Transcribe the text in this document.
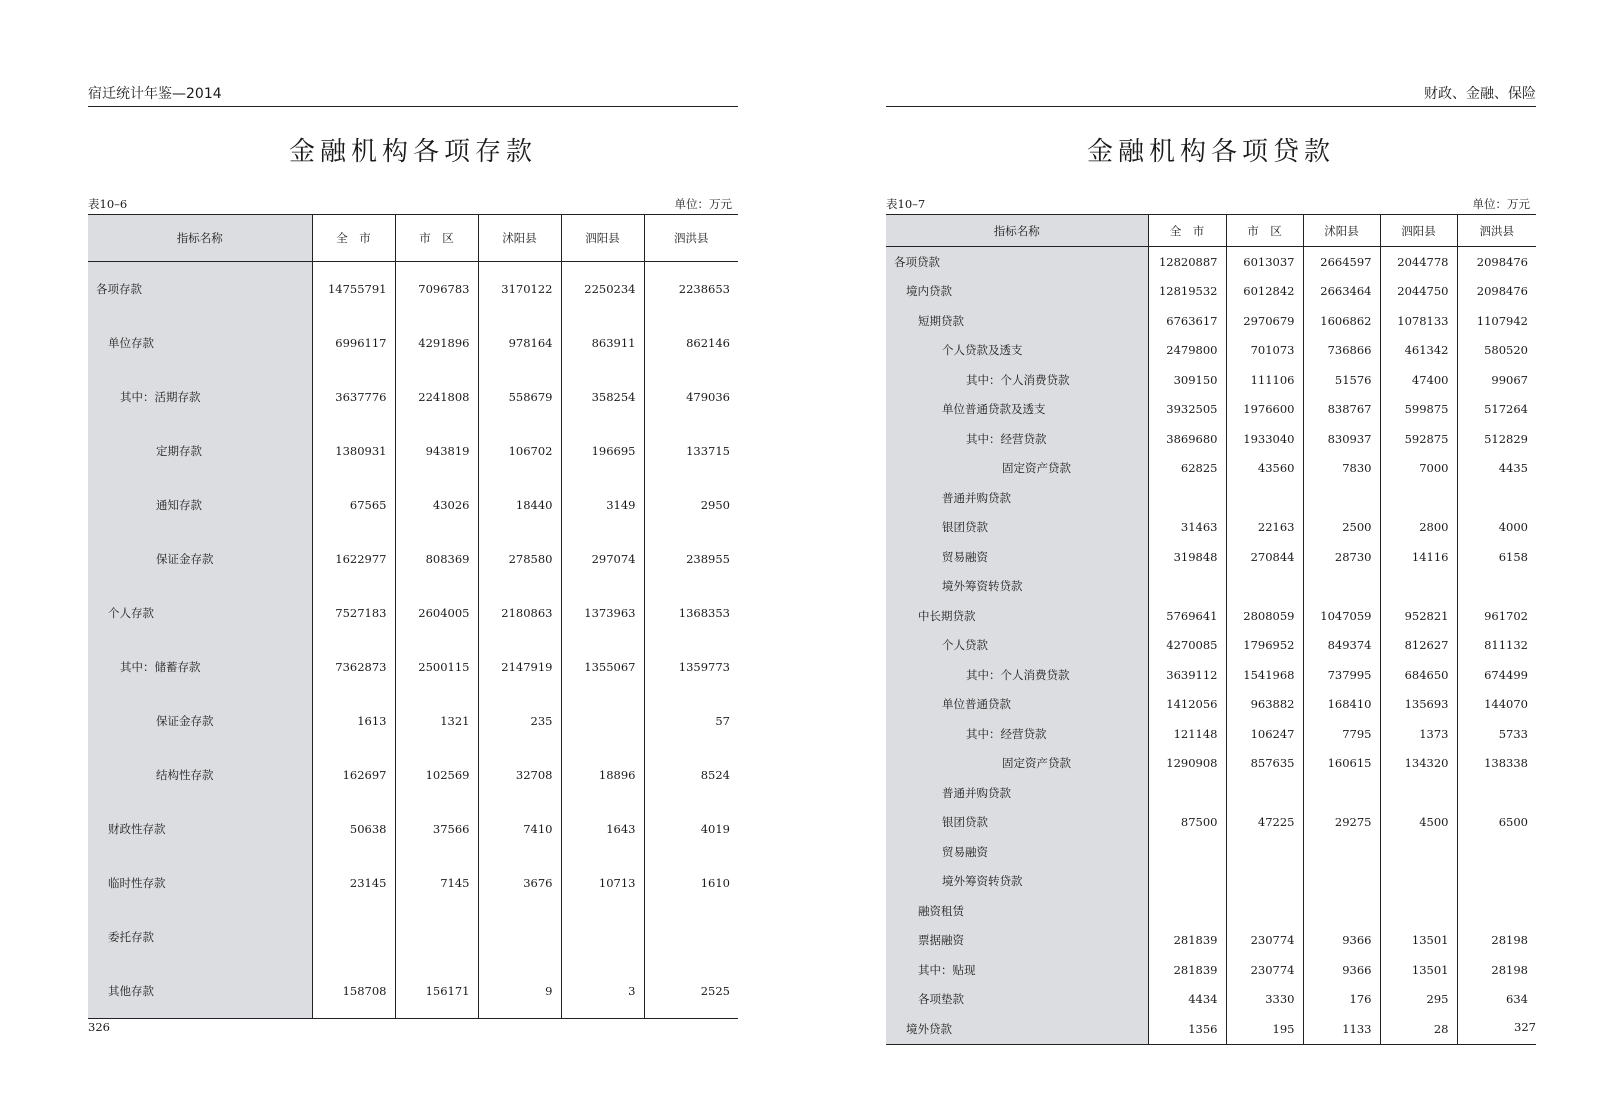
宿迁统计年鉴—2014
金融机构各项存款
表10–6	单位：万元
指标名称	全　市	市　区	沭阳县	泗阳县	泗洪县
各项存款	14755791	7096783	3170122	2250234	2238653
单位存款	6996117	4291896	978164	863911	862146
其中：活期存款	3637776	2241808	558679	358254	479036
定期存款	1380931	943819	106702	196695	133715
通知存款	67565	43026	18440	3149	2950
保证金存款	1622977	808369	278580	297074	238955
个人存款	7527183	2604005	2180863	1373963	1368353
其中：储蓄存款	7362873	2500115	2147919	1355067	1359773
保证金存款	1613	1321	235		57
结构性存款	162697	102569	32708	18896	8524
财政性存款	50638	37566	7410	1643	4019
临时性存款	23145	7145	3676	10713	1610
委托存款					
其他存款	158708	156171	9	3	2525
326
财政、金融、保险
金融机构各项贷款
表10–7	单位：万元
指标名称	全　市	市　区	沭阳县	泗阳县	泗洪县
各项贷款	12820887	6013037	2664597	2044778	2098476
境内贷款	12819532	6012842	2663464	2044750	2098476
短期贷款	6763617	2970679	1606862	1078133	1107942
个人贷款及透支	2479800	701073	736866	461342	580520
其中：个人消费贷款	309150	111106	51576	47400	99067
单位普通贷款及透支	3932505	1976600	838767	599875	517264
其中：经营贷款	3869680	1933040	830937	592875	512829
固定资产贷款	62825	43560	7830	7000	4435
普通并购贷款					
银团贷款	31463	22163	2500	2800	4000
贸易融资	319848	270844	28730	14116	6158
境外筹资转贷款					
中长期贷款	5769641	2808059	1047059	952821	961702
个人贷款	4270085	1796952	849374	812627	811132
其中：个人消费贷款	3639112	1541968	737995	684650	674499
单位普通贷款	1412056	963882	168410	135693	144070
其中：经营贷款	121148	106247	7795	1373	5733
固定资产贷款	1290908	857635	160615	134320	138338
普通并购贷款					
银团贷款	87500	47225	29275	4500	6500
贸易融资					
境外筹资转贷款					
融资租赁					
票据融资	281839	230774	9366	13501	28198
其中：贴现	281839	230774	9366	13501	28198
各项垫款	4434	3330	176	295	634
境外贷款	1356	195	1133	28		327
